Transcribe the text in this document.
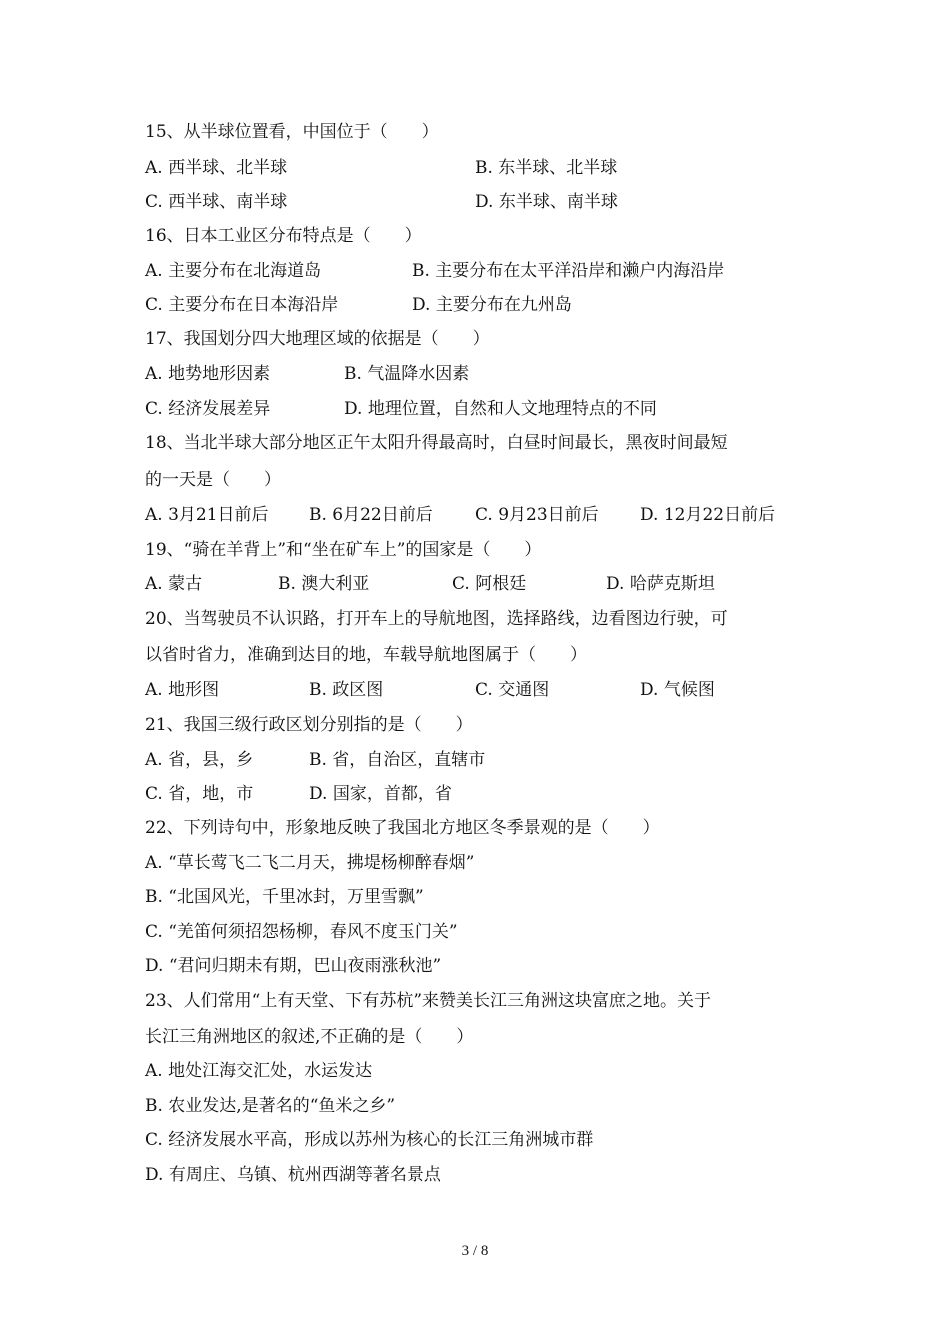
15、从半球位置看，中国位于（　　）
A. 西半球、北半球	B. 东半球、北半球
C. 西半球、南半球	D. 东半球、南半球
16、日本工业区分布特点是（　　）
A. 主要分布在北海道岛	B. 主要分布在太平洋沿岸和濑户内海沿岸
C. 主要分布在日本海沿岸	D. 主要分布在九州岛
17、我国划分四大地理区域的依据是（　　）
A. 地势地形因素	B. 气温降水因素
C. 经济发展差异	D. 地理位置，自然和人文地理特点的不同
18、当北半球大部分地区正午太阳升得最高时，白昼时间最长，黑夜时间最短
的一天是（　　）
A. 3月21日前后 B. 6月22日前后 C. 9月23日前后 D. 12月22日前后
19、“骑在羊背上”和“坐在矿车上”的国家是（　　）
A. 蒙古	B. 澳大利亚	C. 阿根廷	D. 哈萨克斯坦
20、当驾驶员不认识路，打开车上的导航地图，选择路线，边看图边行驶，可
以省时省力，准确到达目的地，车载导航地图属于（　　）
A. 地形图	B. 政区图	C. 交通图	D. 气候图
21、我国三级行政区划分别指的是（　　）
A. 省，县，乡	B. 省，自治区，直辖市
C. 省，地，市	D. 国家，首都，省
22、下列诗句中，形象地反映了我国北方地区冬季景观的是（　　）
A. “草长莺飞二飞二月天，拂堤杨柳醉春烟”
B. “北国风光，千里冰封，万里雪飘”
C. “羌笛何须招怨杨柳，春风不度玉门关”
D. “君问归期未有期，巴山夜雨涨秋池”
23、人们常用“上有天堂、下有苏杭”来赞美长江三角洲这块富庶之地。关于
长江三角洲地区的叙述,不正确的是（　　）
A. 地处江海交汇处，水运发达
B. 农业发达,是著名的“鱼米之乡”
C. 经济发展水平高，形成以苏州为核心的长江三角洲城市群
D. 有周庄、乌镇、杭州西湖等著名景点
3 / 8
